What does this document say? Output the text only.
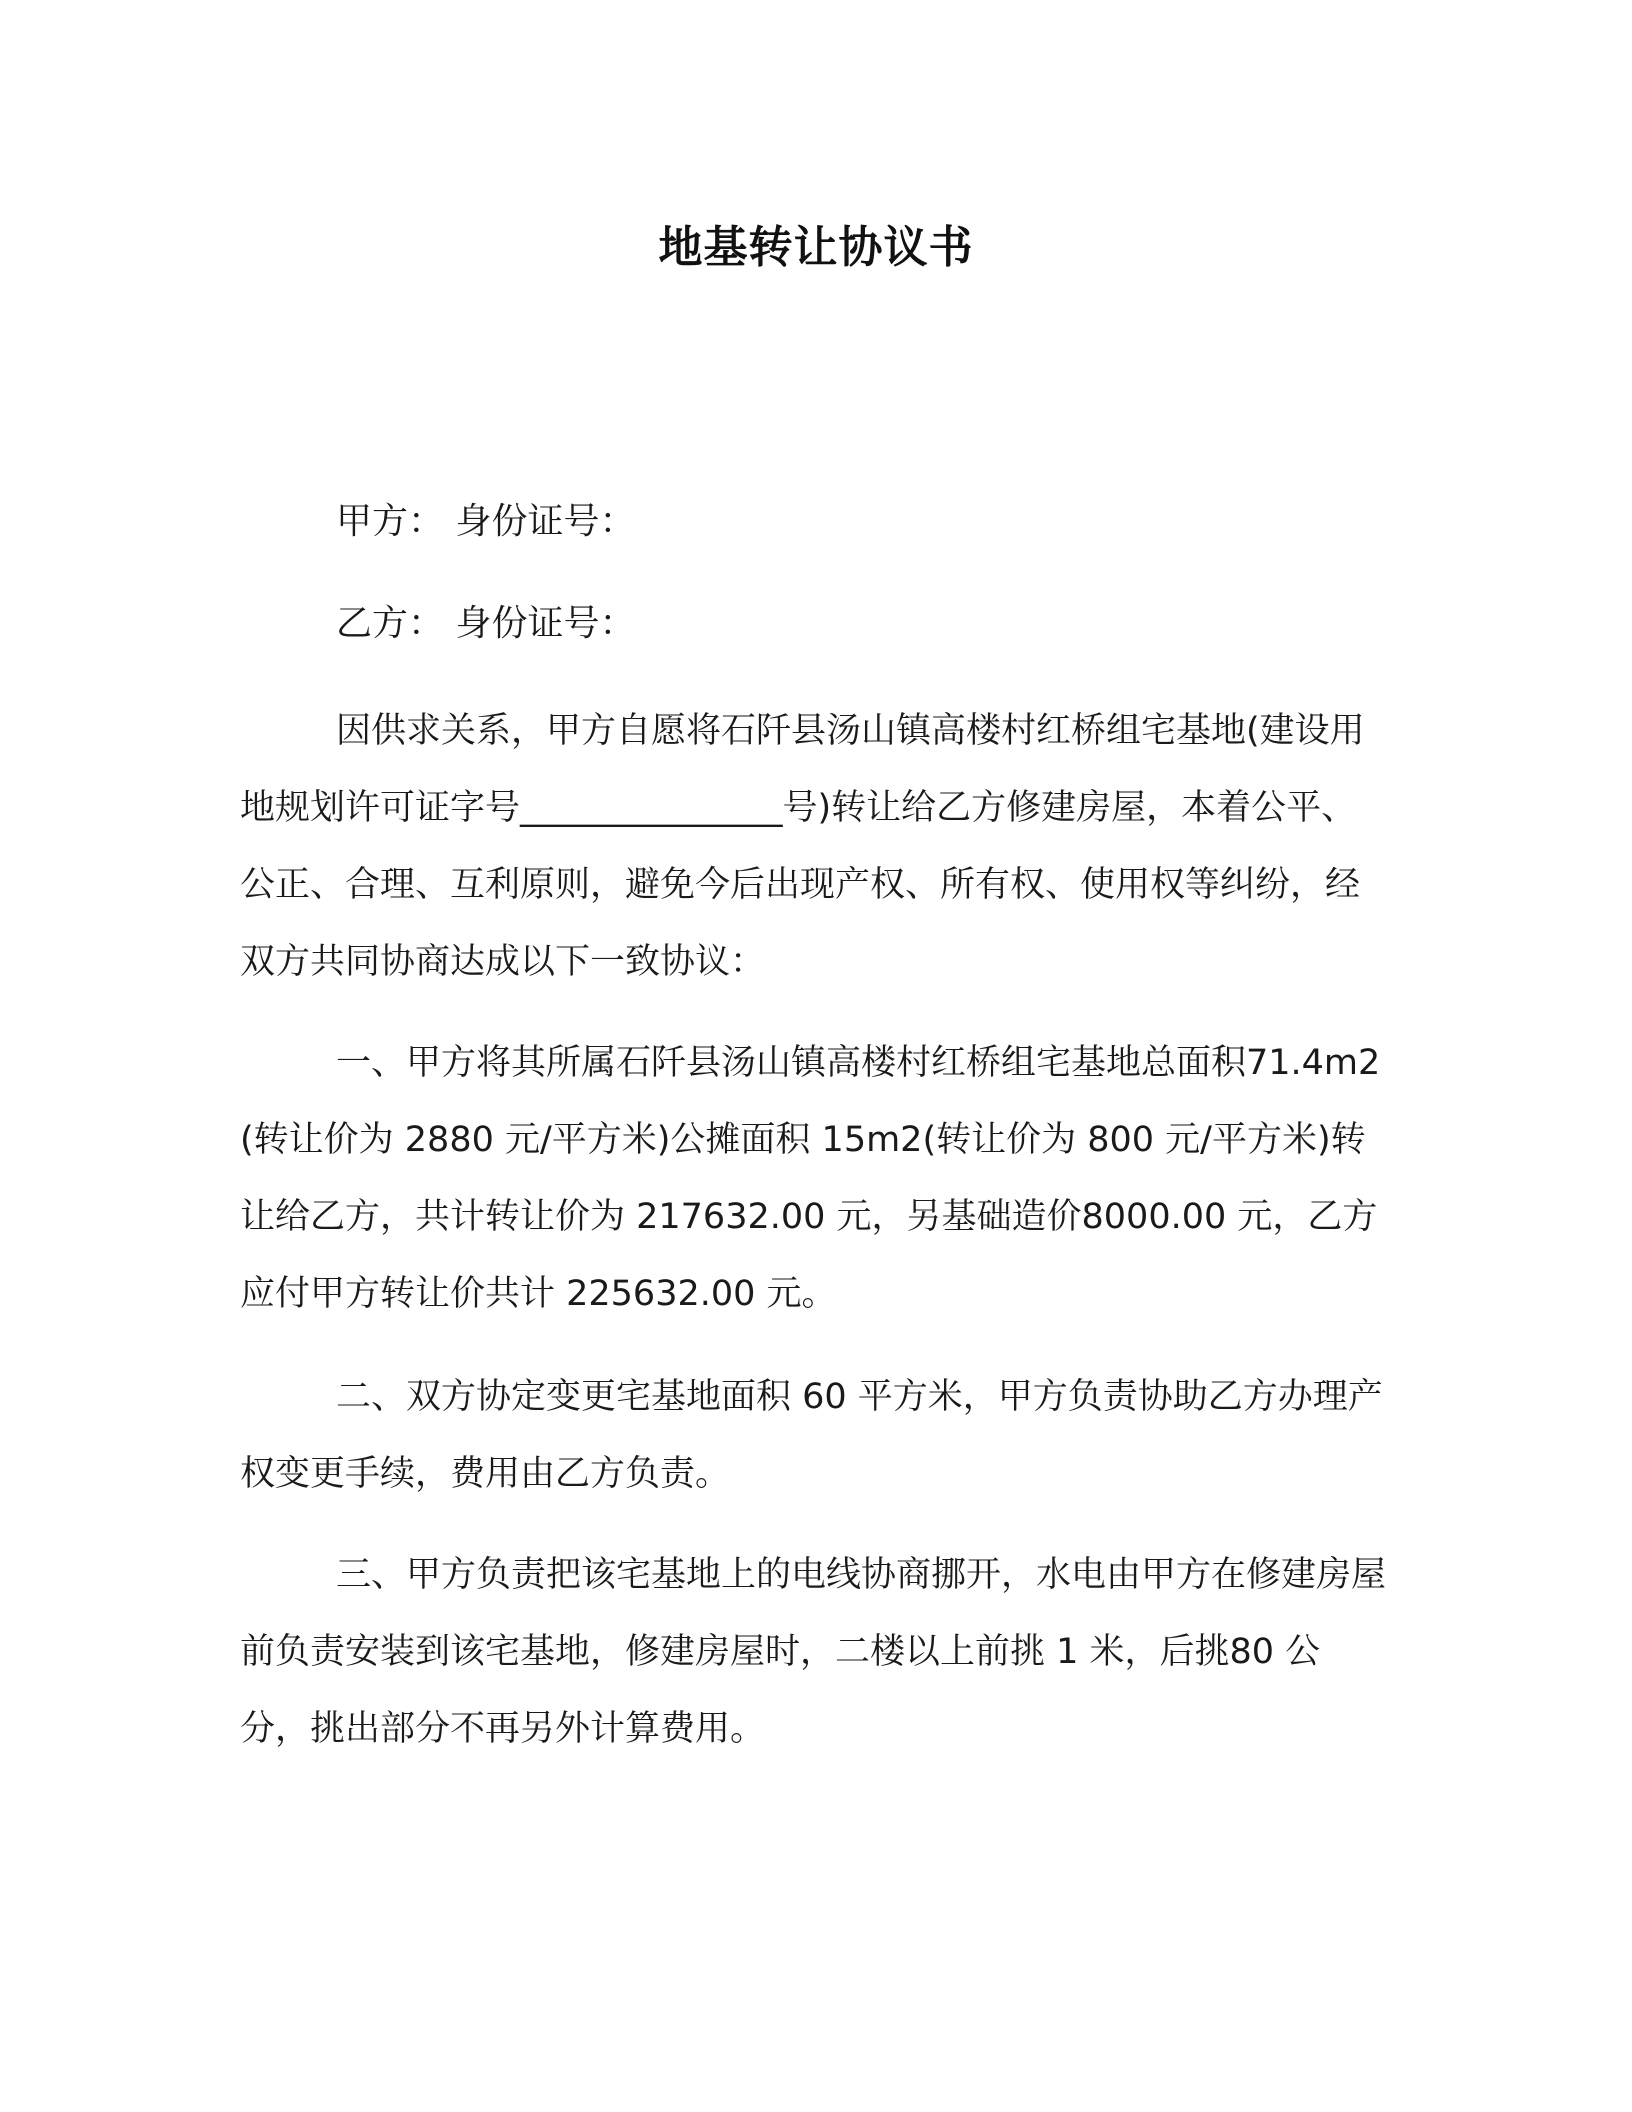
地基转让协议书
甲方： 身份证号：
乙方： 身份证号：
因供求关系，甲方自愿将石阡县汤山镇高楼村红桥组宅基地(建设用地规划许可证字号_______________号)转让给乙方修建房屋，本着公平、公正、合理、互利原则，避免今后出现产权、所有权、使用权等纠纷，经双方共同协商达成以下一致协议：
一、甲方将其所属石阡县汤山镇高楼村红桥组宅基地总面积71.4m2(转让价为 2880 元/平方米)公摊面积 15m2(转让价为 800 元/平方米)转让给乙方，共计转让价为 217632.00 元，另基础造价8000.00 元，乙方应付甲方转让价共计 225632.00 元。
二、双方协定变更宅基地面积 60 平方米，甲方负责协助乙方办理产权变更手续，费用由乙方负责。
三、甲方负责把该宅基地上的电线协商挪开，水电由甲方在修建房屋前负责安装到该宅基地，修建房屋时，二楼以上前挑 1 米，后挑80 公分，挑出部分不再另外计算费用。
